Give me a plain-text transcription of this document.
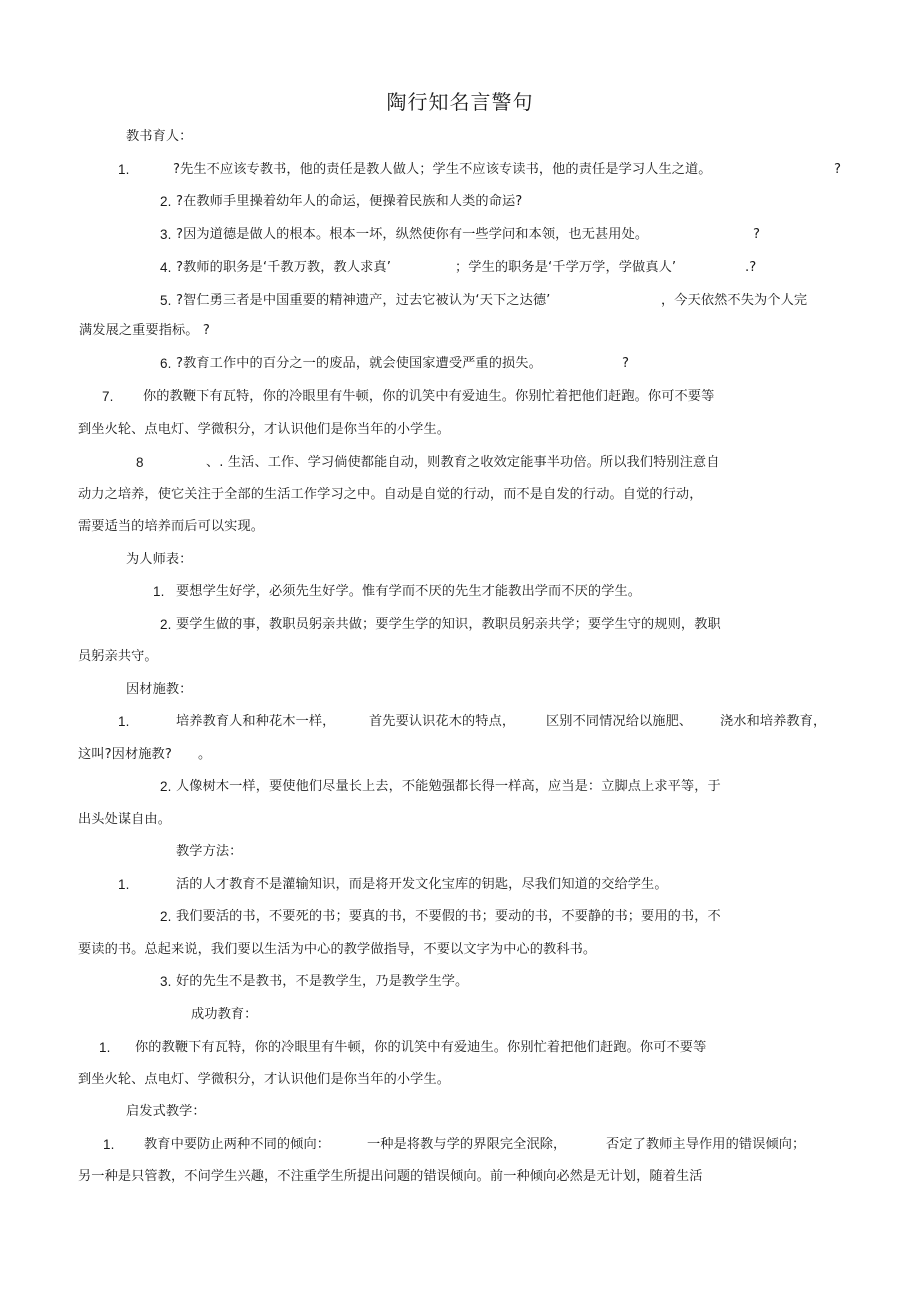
陶行知名言警句
教书育人：
1.	?先生不应该专教书，他的责任是教人做人；学生不应该专读书，他的责任是学习人生之道。	?
2. ?在教师手里操着幼年人的命运，便操着民族和人类的命运?
3. ?因为道德是做人的根本。根本一坏，纵然使你有一些学问和本领，也无甚用处。	?
4. ?教师的职务是‘千教万教，教人求真’	；学生的职务是‘千学万学，学做真人’	.?
5. ?智仁勇三者是中国重要的精神遗产，过去它被认为‘天下之达德’	，今天依然不失为个人完
满发展之重要指标。 ?
6. ?教育工作中的百分之一的废品，就会使国家遭受严重的损失。	?
7. 你的教鞭下有瓦特，你的冷眼里有牛顿，你的讥笑中有爱迪生。你别忙着把他们赶跑。你可不要等
到坐火轮、点电灯、学微积分，才认识他们是你当年的小学生。
8	、. 生活、工作、学习倘使都能自动，则教育之收效定能事半功倍。所以我们特别注意自
动力之培养，使它关注于全部的生活工作学习之中。自动是自觉的行动，而不是自发的行动。自觉的行动，
需要适当的培养而后可以实现。
为人师表：
1. 要想学生好学，必须先生好学。惟有学而不厌的先生才能教出学而不厌的学生。
2. 要学生做的事，教职员躬亲共做；要学生学的知识，教职员躬亲共学；要学生守的规则，教职
员躬亲共守。
因材施教：
1.	培养教育人和种花木一样，	首先要认识花木的特点， 区别不同情况给以施肥、 浇水和培养教育，
这叫?因材施教? 。
2. 人像树木一样，要使他们尽量长上去，不能勉强都长得一样高，应当是：立脚点上求平等，于
出头处谋自由。
教学方法：
1.	活的人才教育不是灌输知识，而是将开发文化宝库的钥匙，尽我们知道的交给学生。
2. 我们要活的书，不要死的书；要真的书，不要假的书；要动的书，不要静的书；要用的书，不
要读的书。总起来说，我们要以生活为中心的教学做指导，不要以文字为中心的教科书。
3. 好的先生不是教书，不是教学生，乃是教学生学。
成功教育：
1. 你的教鞭下有瓦特，你的冷眼里有牛顿，你的讥笑中有爱迪生。你别忙着把他们赶跑。你可不要等
到坐火轮、点电灯、学微积分，才认识他们是你当年的小学生。
启发式教学：
1. 教育中要防止两种不同的倾向：	一种是将教与学的界限完全泯除，	否定了教师主导作用的错误倾向；
另一种是只管教，不问学生兴趣，不注重学生所提出问题的错误倾向。前一种倾向必然是无计划，随着生活
